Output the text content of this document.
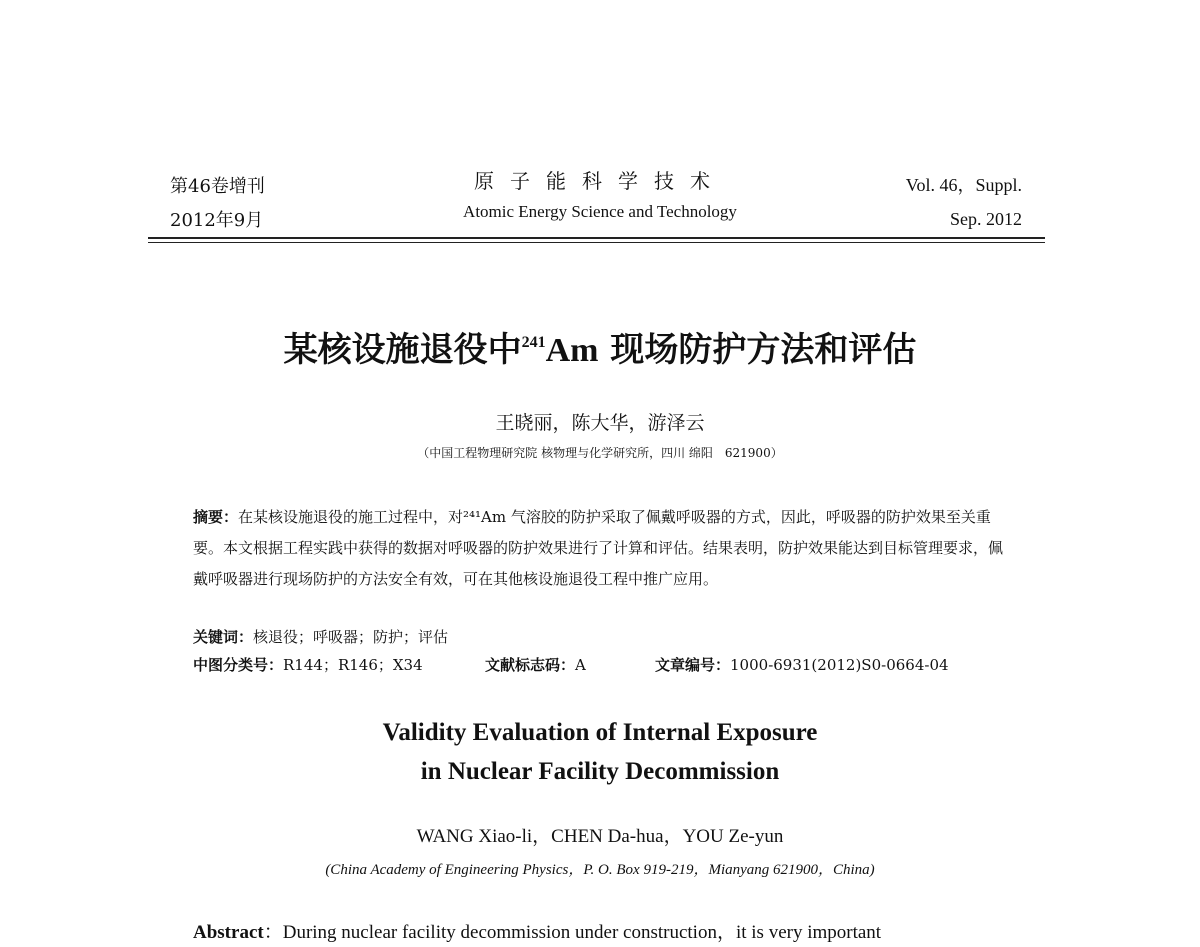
第46卷增刊
2012年9月
原子能科学技术
Atomic Energy Science and Technology
Vol. 46，Suppl.
Sep. 2012
某核设施退役中$^{241}$Am 现场防护方法和评估
王晓丽，陈大华，游泽云
（中国工程物理研究院 核物理与化学研究所，四川 绵阳　621900）
摘要：在某核设施退役的施工过程中，对²⁴¹Am 气溶胶的防护采取了佩戴呼吸器的方式，因此，呼吸器的防护效果至关重要。本文根据工程实践中获得的数据对呼吸器的防护效果进行了计算和评估。结果表明，防护效果能达到目标管理要求，佩戴呼吸器进行现场防护的方法安全有效，可在其他核设施退役工程中推广应用。
关键词：核退役；呼吸器；防护；评估
中图分类号：R144；R146；X34	文献标志码：A	文章编号：1000-6931(2012)S0-0664-04
Validity Evaluation of Internal Exposure
in Nuclear Facility Decommission
WANG Xiao-li，CHEN Da-hua，YOU Ze-yun
(China Academy of Engineering Physics，P. O. Box 919-219，Mianyang 621900，China)
Abstract：During nuclear facility decommission under construction，it is very important
